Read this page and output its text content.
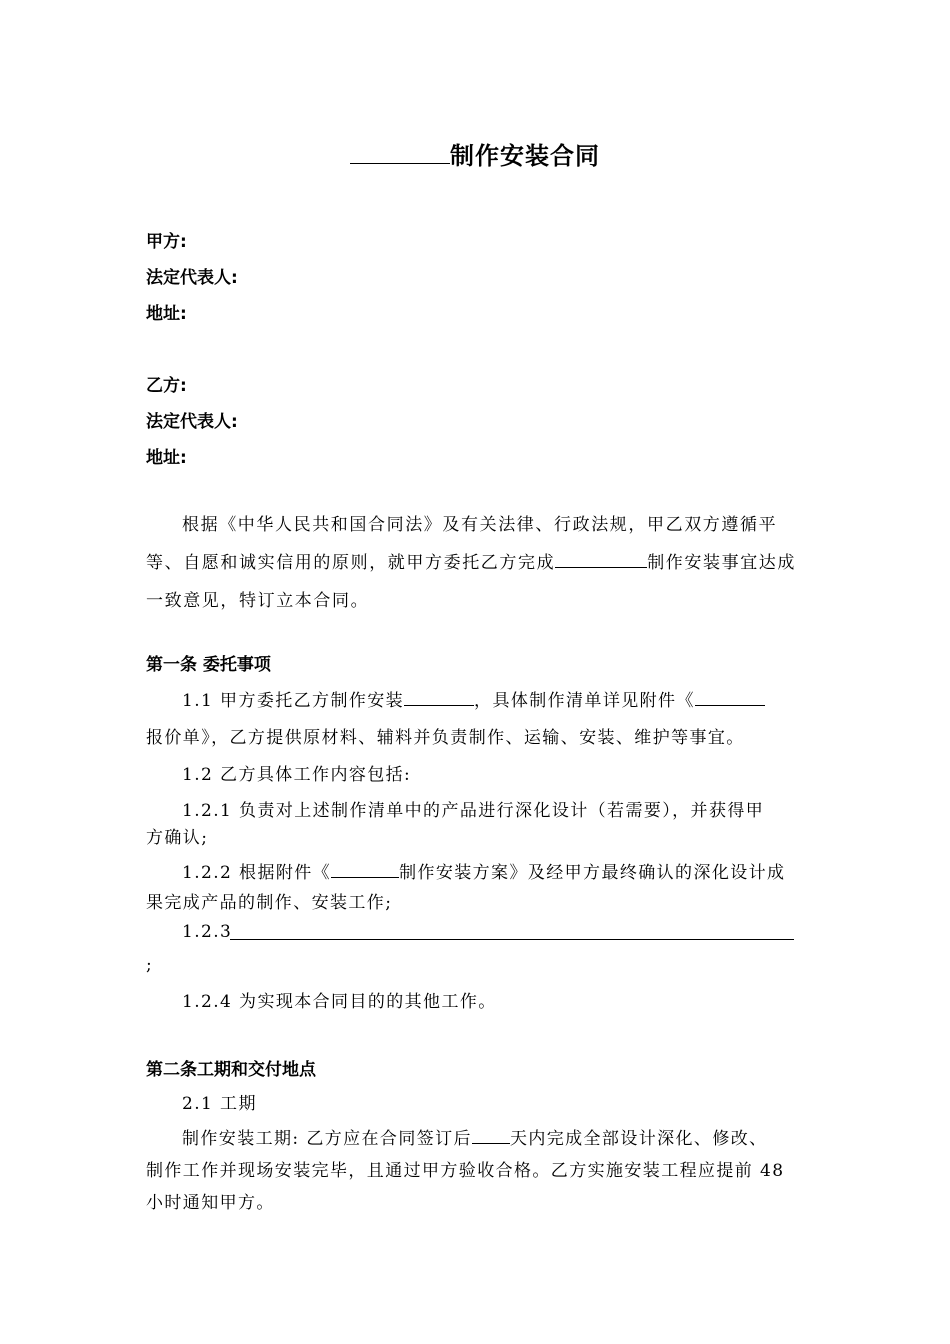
制作安装合同
甲方:
法定代表人:
地址:
乙方:
法定代表人:
地址:
根据《中华人民共和国合同法》及有关法律、行政法规，甲乙双方遵循平等、自愿和诚实信用的原则，就甲方委托乙方完成	制作安装事宜达成一致意见，特订立本合同。
第一条 委托事项
1.1 甲方委托乙方制作安装	，具体制作清单详见附件《
报价单》，乙方提供原材料、辅料并负责制作、运输、安装、维护等事宜。
1.2 乙方具体工作内容包括:
1.2.1 负责对上述制作清单中的产品进行深化设计（若需要），并获得甲
方确认;
1.2.2 根据附件《	制作安装方案》及经甲方最终确认的深化设计成
果完成产品的制作、安装工作;
1.2.3
;
1.2.4 为实现本合同目的的其他工作。
第二条工期和交付地点
2.1 工期
制作安装工期: 乙方应在合同签订后 天内完成全部设计深化、修改、
制作工作并现场安装完毕，且通过甲方验收合格。乙方实施安装工程应提前 48
小时通知甲方。
